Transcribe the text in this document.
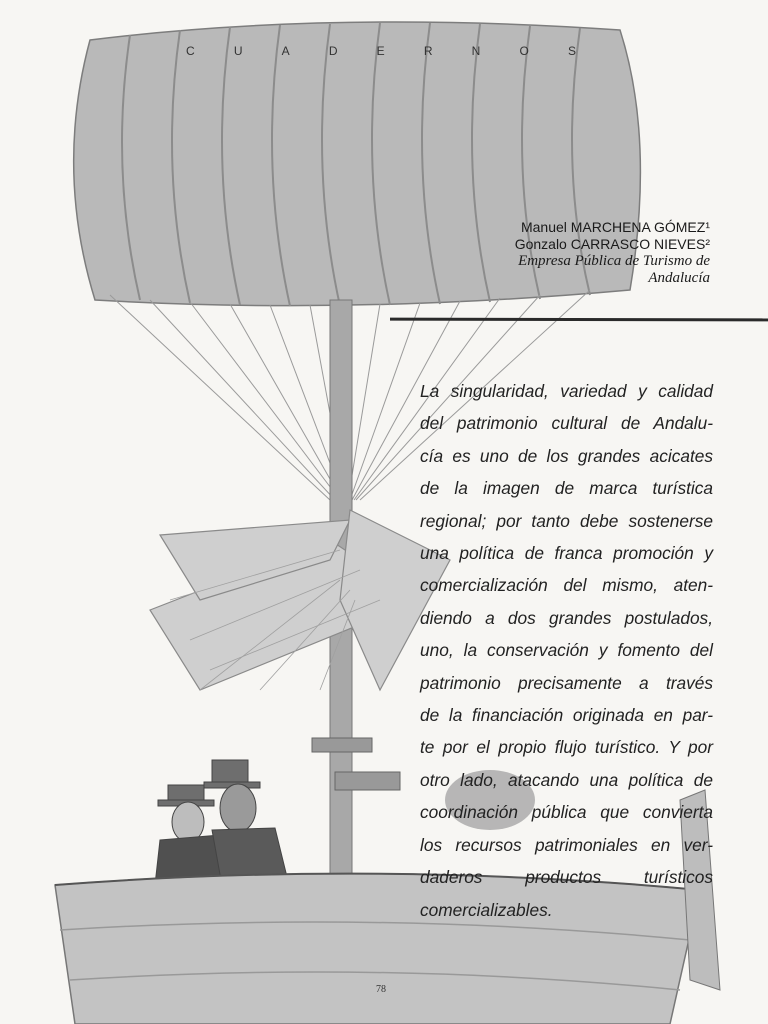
C	U	A	D	E	R	N	O	S
Manuel MARCHENA GÓMEZ¹
Gonzalo CARRASCO NIEVES²
Empresa Pública de Turismo de
Andalucía
La singularidad, variedad y calidad
del patrimonio cultural de Andalu-
cía es uno de los grandes acicates
de la imagen de marca turística
regional; por tanto debe sostenerse
una política de franca promoción y
comercialización del mismo, aten-
diendo a dos grandes postulados,
uno, la conservación y fomento del
patrimonio precisamente a través
de la financiación originada en par-
te por el propio flujo turístico. Y por
otro lado, atacando una política de
coordinación pública que convierta
los recursos patrimoniales en ver-
daderos productos turísticos
comercializables.
78
